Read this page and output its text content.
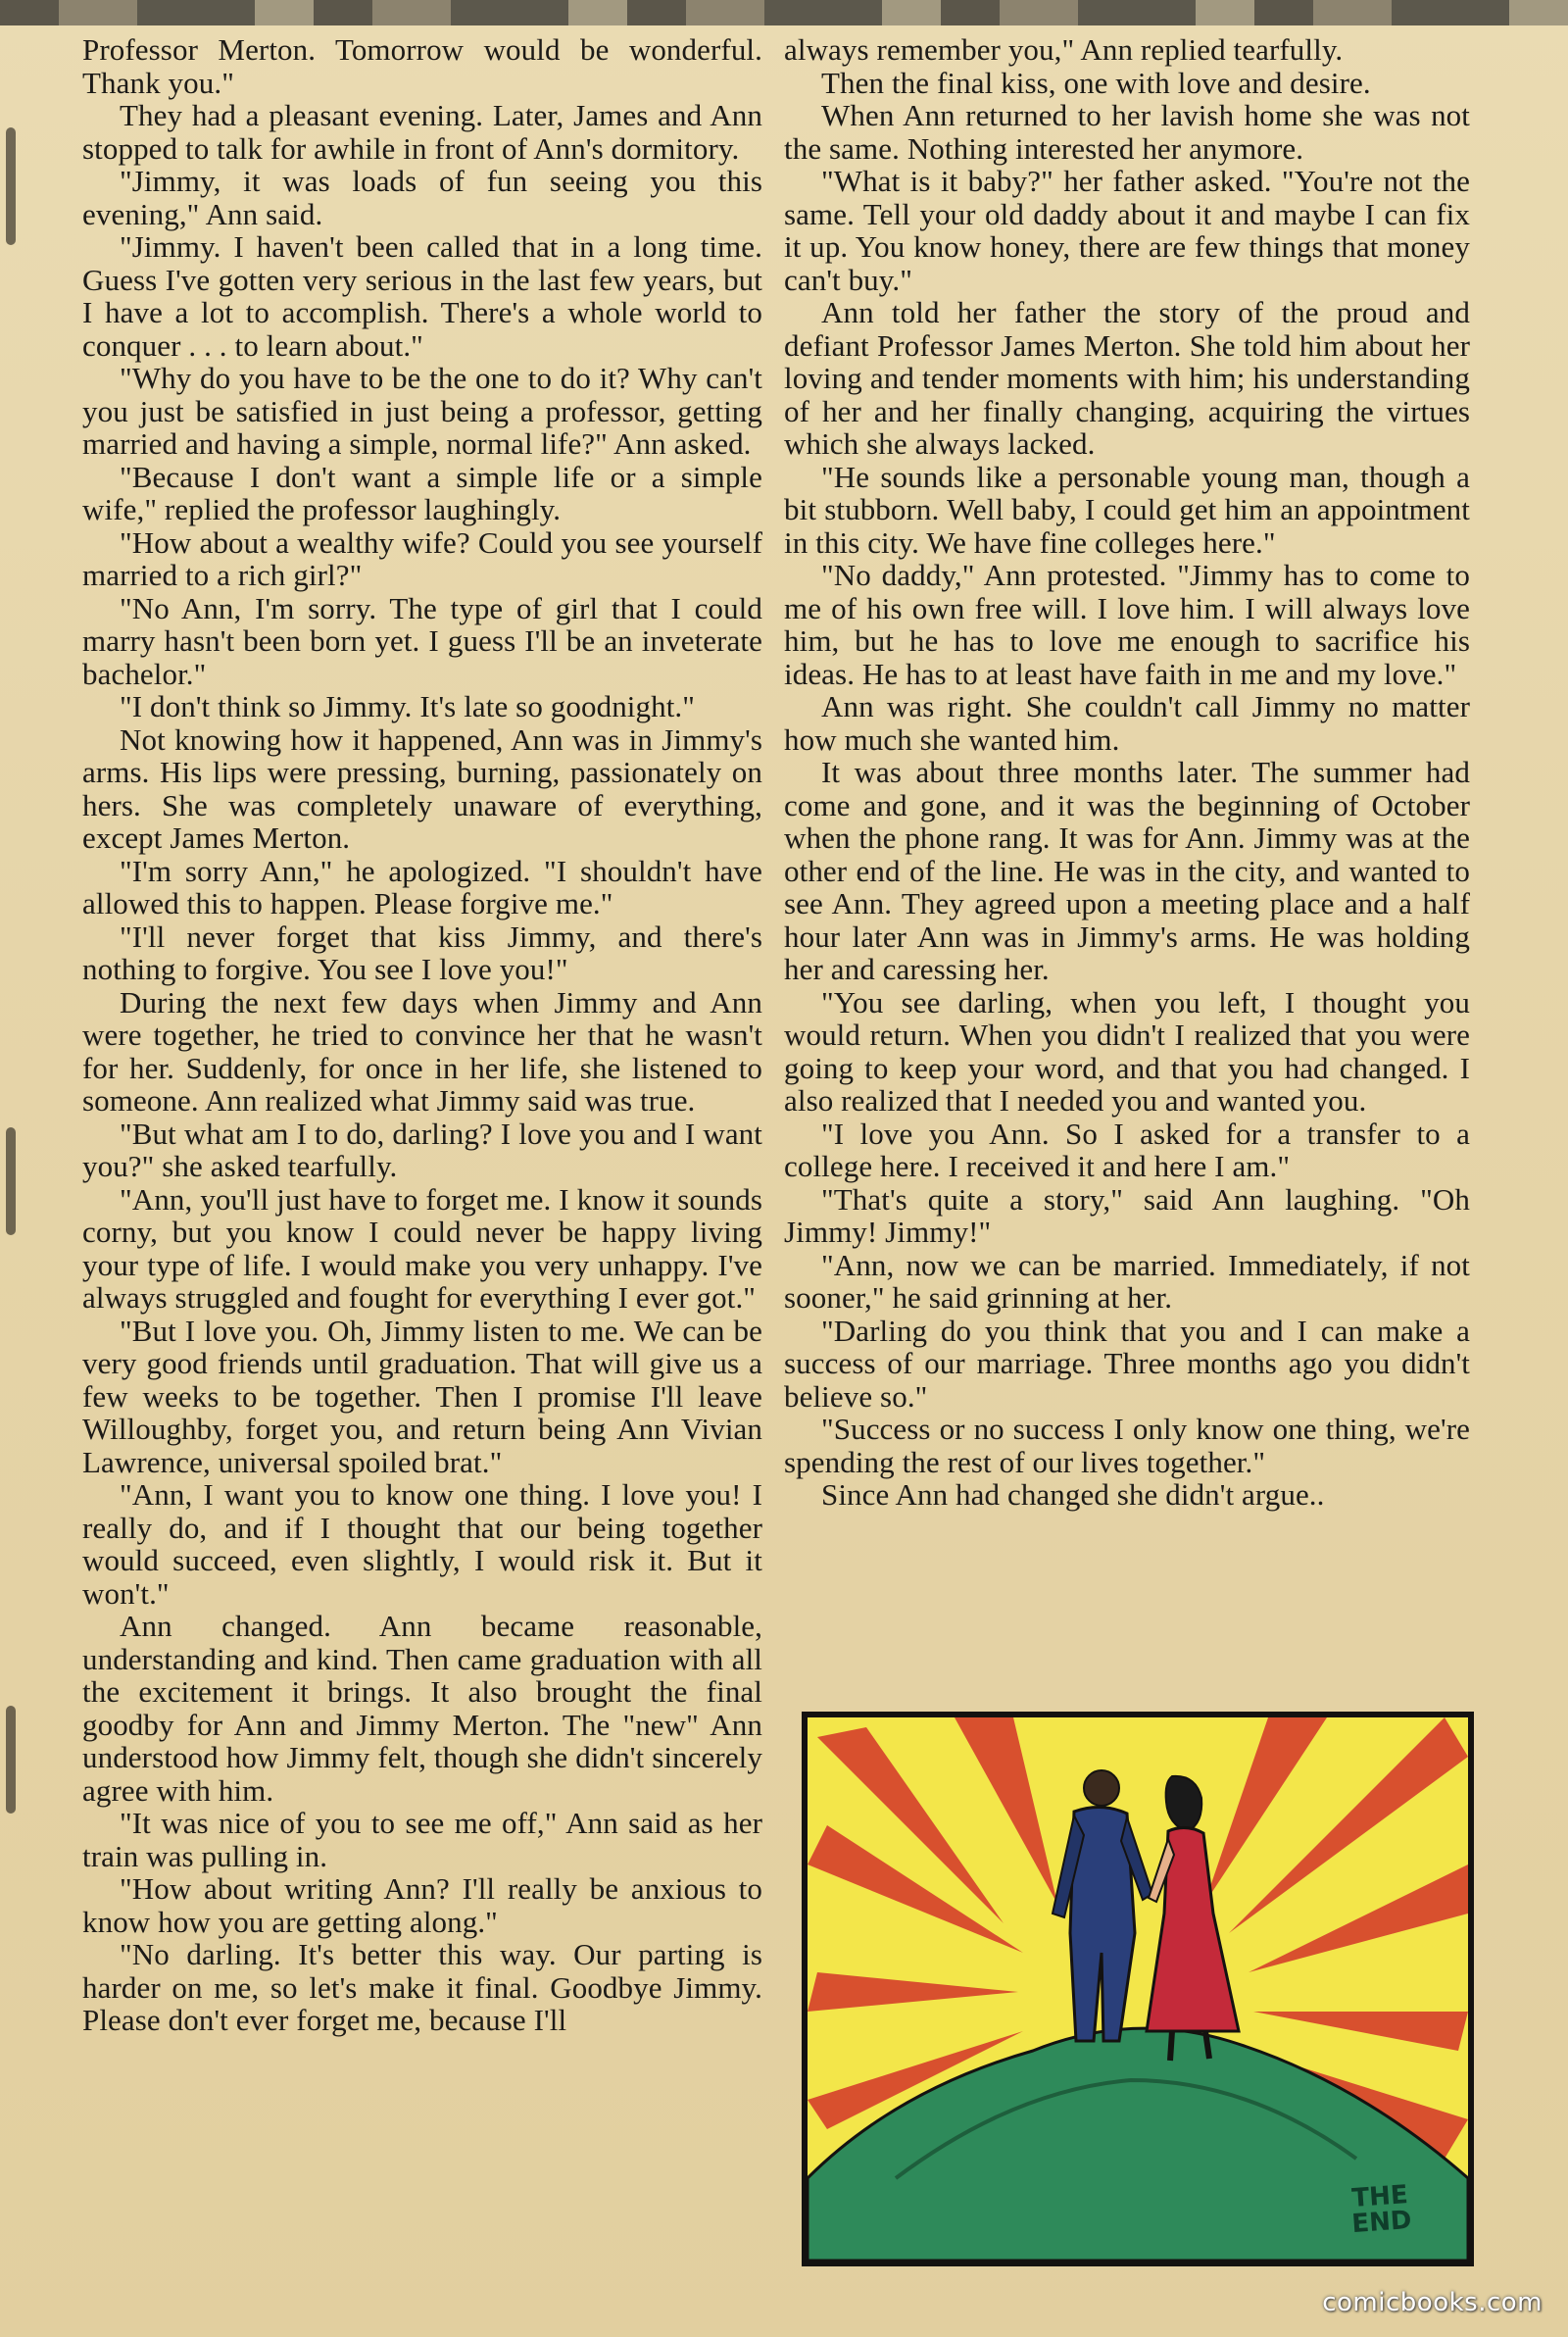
Professor Merton. Tomorrow would be wonderful. Thank you."

They had a pleasant evening. Later, James and Ann stopped to talk for awhile in front of Ann's dormitory.

"Jimmy, it was loads of fun seeing you this evening," Ann said.

"Jimmy. I haven't been called that in a long time. Guess I've gotten very serious in the last few years, but I have a lot to accomplish. There's a whole world to conquer . . . to learn about."

"Why do you have to be the one to do it? Why can't you just be satisfied in just being a professor, getting married and having a simple, normal life?" Ann asked.

"Because I don't want a simple life or a simple wife," replied the professor laughingly.

"How about a wealthy wife? Could you see yourself married to a rich girl?"

"No Ann, I'm sorry. The type of girl that I could marry hasn't been born yet. I guess I'll be an inveterate bachelor."

"I don't think so Jimmy. It's late so goodnight."

Not knowing how it happened, Ann was in Jimmy's arms. His lips were pressing, burning, passionately on hers. She was completely unaware of everything, except James Merton.

"I'm sorry Ann," he apologized. "I shouldn't have allowed this to happen. Please forgive me."

"I'll never forget that kiss Jimmy, and there's nothing to forgive. You see I love you!"

During the next few days when Jimmy and Ann were together, he tried to convince her that he wasn't for her. Suddenly, for once in her life, she listened to someone. Ann realized what Jimmy said was true.

"But what am I to do, darling? I love you and I want you?" she asked tearfully.

"Ann, you'll just have to forget me. I know it sounds corny, but you know I could never be happy living your type of life. I would make you very unhappy. I've always struggled and fought for everything I ever got."

"But I love you. Oh, Jimmy listen to me. We can be very good friends until graduation. That will give us a few weeks to be together. Then I promise I'll leave Willoughby, forget you, and return being Ann Vivian Lawrence, universal spoiled brat."

"Ann, I want you to know one thing. I love you! I really do, and if I thought that our being together would succeed, even slightly, I would risk it. But it won't."

Ann changed. Ann became reasonable, understanding and kind. Then came graduation with all the excitement it brings. It also brought the final goodby for Ann and Jimmy Merton. The "new" Ann understood how Jimmy felt, though she didn't sincerely agree with him.

"It was nice of you to see me off," Ann said as her train was pulling in.

"How about writing Ann? I'll really be anxious to know how you are getting along."

"No darling. It's better this way. Our parting is harder on me, so let's make it final. Goodbye Jimmy. Please don't ever forget me, because I'll

always remember you," Ann replied tearfully.

Then the final kiss, one with love and desire.

When Ann returned to her lavish home she was not the same. Nothing interested her anymore.

"What is it baby?" her father asked. "You're not the same. Tell your old daddy about it and maybe I can fix it up. You know honey, there are few things that money can't buy."

Ann told her father the story of the proud and defiant Professor James Merton. She told him about her loving and tender moments with him; his understanding of her and her finally changing, acquiring the virtues which she always lacked.

"He sounds like a personable young man, though a bit stubborn. Well baby, I could get him an appointment in this city. We have fine colleges here."

"No daddy," Ann protested. "Jimmy has to come to me of his own free will. I love him. I will always love him, but he has to love me enough to sacrifice his ideas. He has to at least have faith in me and my love."

Ann was right. She couldn't call Jimmy no matter how much she wanted him.

It was about three months later. The summer had come and gone, and it was the beginning of October when the phone rang. It was for Ann. Jimmy was at the other end of the line. He was in the city, and wanted to see Ann. They agreed upon a meeting place and a half hour later Ann was in Jimmy's arms. He was holding her and caressing her.

"You see darling, when you left, I thought you would return. When you didn't I realized that you were going to keep your word, and that you had changed. I also realized that I needed you and wanted you.

"I love you Ann. So I asked for a transfer to a college here. I received it and here I am."

"That's quite a story," said Ann laughing. "Oh Jimmy! Jimmy!"

"Ann, now we can be married. Immediately, if not sooner," he said grinning at her.

"Darling do you think that you and I can make a success of our marriage. Three months ago you didn't believe so."

"Success or no success I only know one thing, we're spending the rest of our lives together."

Since Ann had changed she didn't argue..

THE END
comicbooks.com
